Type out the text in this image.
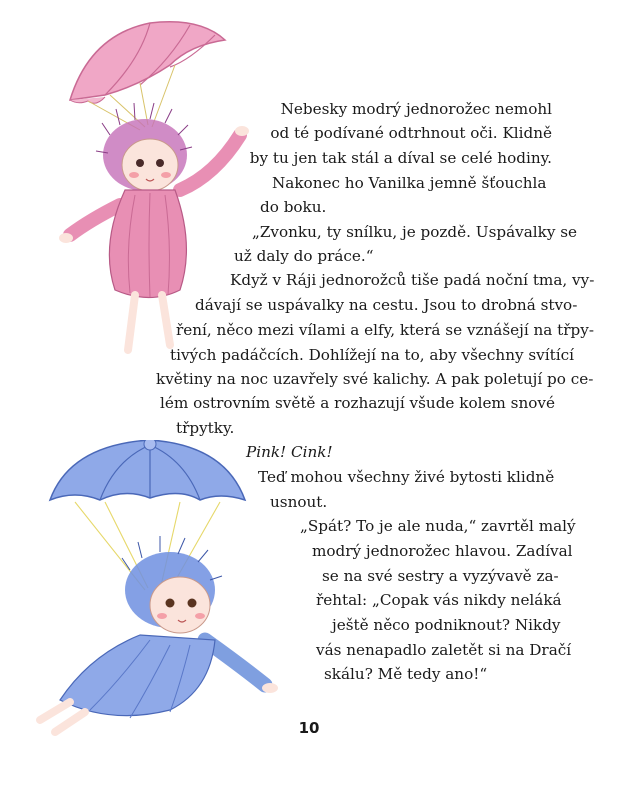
Nebesky modrý jednorožec nemohl
od té podívané odtrhnout oči. Klidně
by tu jen tak stál a díval se celé hodiny.
Nakonec ho Vanilka jemně šťouchla
do boku.
„Zvonku, ty snílku, je pozdě. Uspávalky se
už daly do práce.“
Když v Ráji jednorožců tiše padá noční tma, vy-
dávají se uspávalky na cestu. Jsou to drobná stvo-
ření, něco mezi vílami a elfy, která se vznášejí na třpy-
tivých padáčcích. Dohlížejí na to, aby všechny svítící
květiny na noc uzavřely své kalichy. A pak poletují po ce-
lém ostrovním světě a rozhazují všude kolem snové
třpytky.
Pink! Cink!
Teď mohou všechny živé bytosti klidně
usnout.
„Spát? To je ale nuda,“ zavrtěl malý
modrý jednorožec hlavou. Zadíval
se na své sestry a vyzývavě za-
řehtal: „Copak vás nikdy neláká
ještě něco podniknout? Nikdy
vás nenapadlo zaletět si na Dračí
skálu? Mě tedy ano!“
10
